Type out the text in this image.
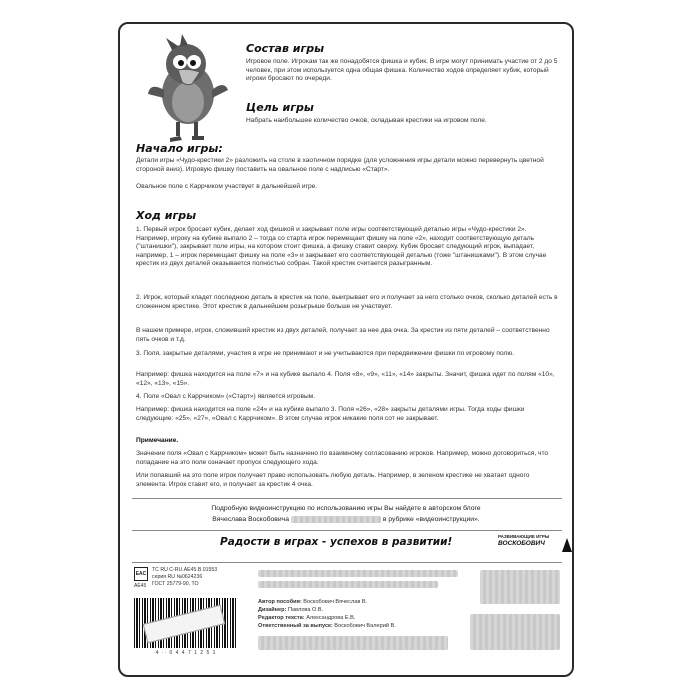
Состав игры

Игровое поле. Игрокам так же понадобятся фишка и кубик. В игре могут принимать участие от 2 до 5 человек, при этом используется одна общая фишка. Количество ходов определяет кубик, который игроки бросают по очереди.

Цель игры

Набрать наибольшее количество очков, складывая крестики на игровом поле.

Начало игры:

Детали игры «Чудо-крестики 2» разложить на столе в хаотичном порядке (для усложнения игры детали можно перевернуть цветной стороной вниз). Игровую фишку поставить на овальное поле с надписью «Старт».

Овальное поле с Каррчиком участвует в дальнейшей игре.

Ход игры

1. Первый игрок бросает кубик, делает ход фишкой и закрывает поле игры соответствующей деталью игры «Чудо-крестики 2». Например, игроку на кубике выпало 2 – тогда со старта игрок перемещает фишку на поле «2», находит соответствующую деталь ("штанишки"), закрывает поле игры, на котором стоит фишка, а фишку ставит сверху. Кубик бросает следующий игрок, выпадает, например, 1 – игрок перемещает фишку на поле «3» и закрывает его соответствующей деталью (тоже "штанишками"). В этом случае крестик из двух деталей оказывается полностью собран. Такой крестик считается разыгранным.

2. Игрок, который кладет последнюю деталь в крестик на поле, выигрывает его и получает за него столько очков, сколько деталей есть в сложенном крестике. Этот крестик в дальнейшем розыгрыше больше не участвует.

В нашем примере, игрок, сложивший крестик из двух деталей, получает за нее два очка. За крестик из пяти деталей – соответственно пять очков и т.д.

3. Поля, закрытые деталями, участия в игре не принимают и не учитываются при передвижении фишки по игровому полю.

Например: фишка находится на поле «7» и на кубике выпало 4. Поля «8», «9», «11», «14» закрыты. Значит, фишка идет по полям «10», «12», «13», «15».

4. Поле «Овал с Каррчиком» («Старт») является игровым.

Например: фишка находится на поле «24» и на кубике выпало 3. Поля «26», «28» закрыты деталями игры. Тогда ходы фишки следующие: «25», «27», «Овал с Каррчиком». В этом случае игрок никакие поля сот не закрывает.

Примечание.

Значение поля «Овал с Каррчиком» может быть назначено по взаимному согласованию игроков. Например, можно договориться, что попадание на это поле означает пропуск следующего хода.

Или попавший на это поле игрок получает право использовать любую деталь. Например, в зеленом крестике не хватает одного элемента. Игрок ставит его, и получает за крестик 4 очка.

Подробную видеоинструкцию по использованию игры Вы найдете в авторском блоге

Вячеслава Воскобовича	в рубрике «видеоинструкции».
Радости в играх - успехов в развитии!	РАЗВИВАЮЩИЕ ИГРЫ
ВОСКОБОВИЧ
EAC
AE45
ТС RU C-RU.AE45.B.01553
серия RU №0624236
ГОСТ 25779-90, ТО
4 ·· 0 4 4 7 1 2 5 1
Автор пособия: Воскобович Вячеслав В.
Дизайнер: Павлова О.В.
Редактор текста: Александрова Е.В.
Ответственный за выпуск: Воскобович Валерий В.
